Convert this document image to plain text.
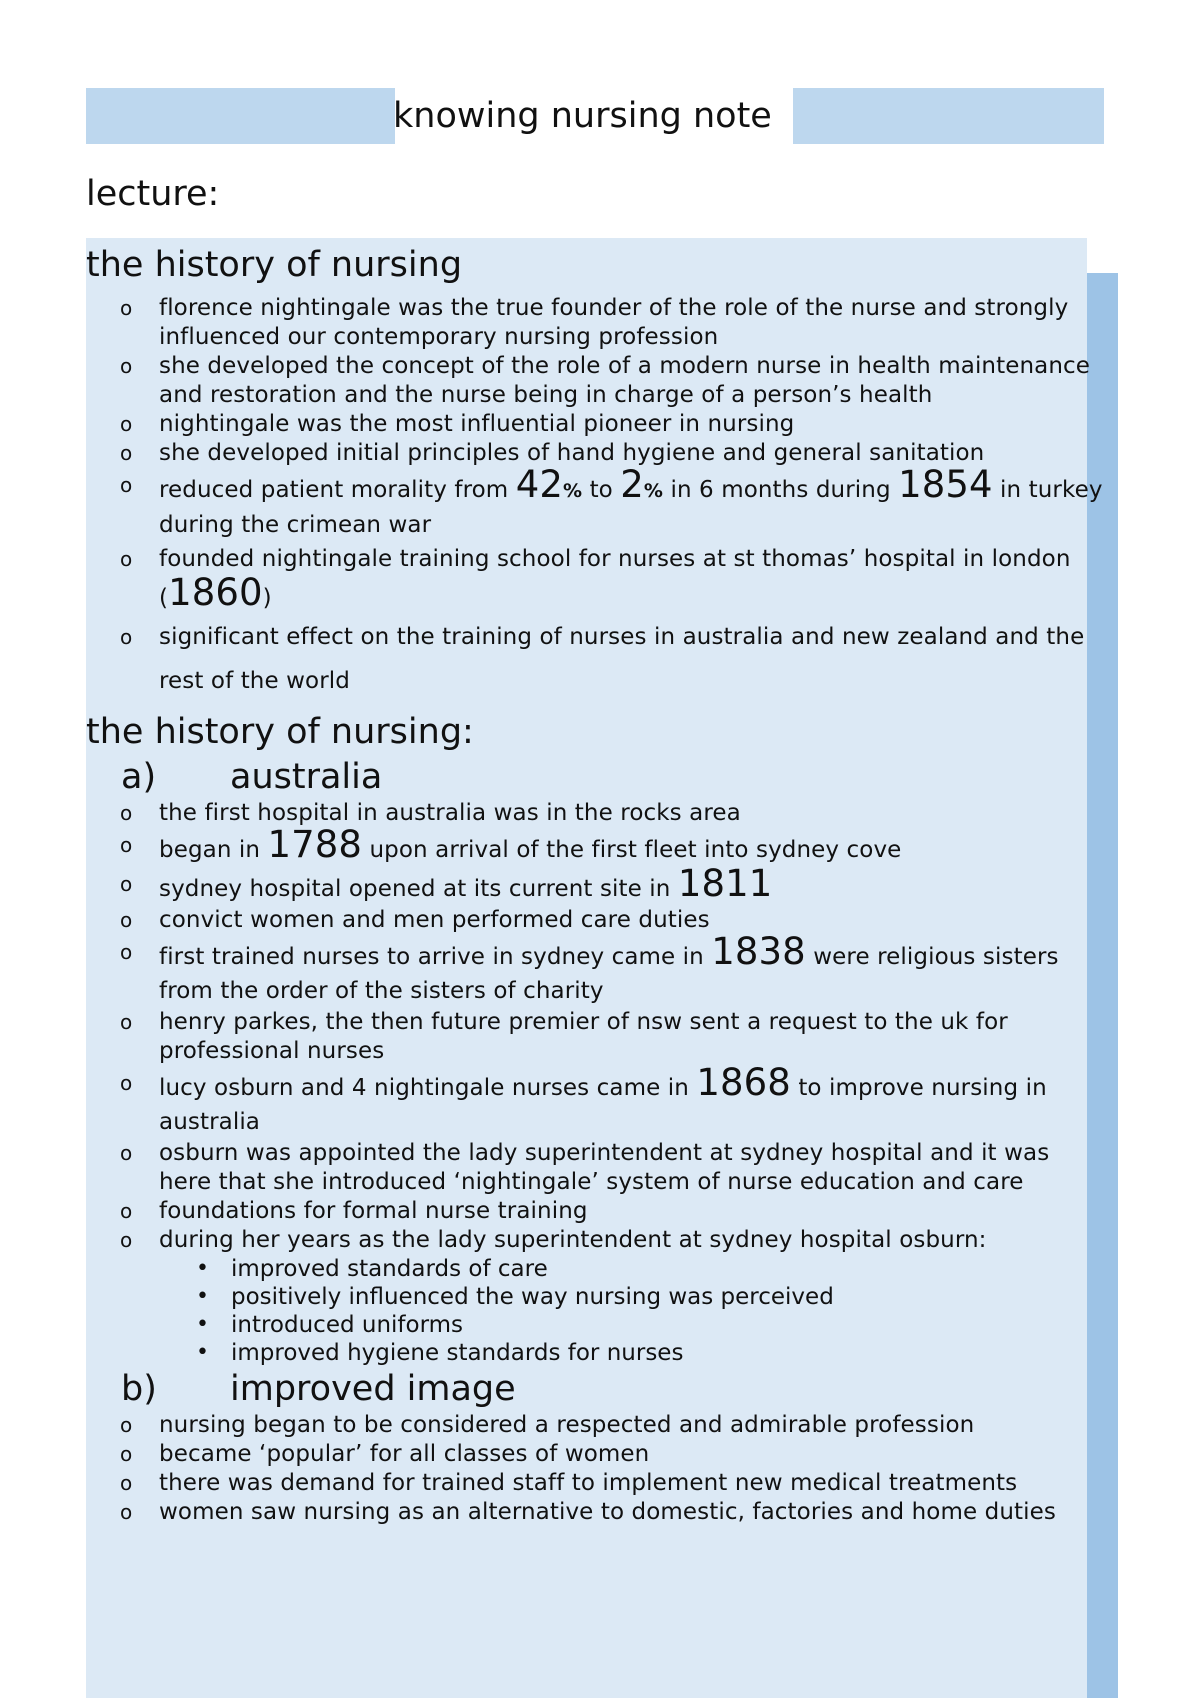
knowing nursing note
lecture:
the history of nursing
o florence nightingale was the true founder of the role of the nurse and strongly influenced our contemporary nursing profession
o she developed the concept of the role of a modern nurse in health maintenance and restoration and the nurse being in charge of a person’s health
o nightingale was the most influential pioneer in nursing
o she developed initial principles of hand hygiene and general sanitation
o reduced patient morality from 42% to 2% in 6 months during 1854 in turkey during the crimean war
o founded nightingale training school for nurses at st thomas’ hospital in london (1860)
o significant effect on the training of nurses in australia and new zealand and the rest of the world
the history of nursing:
a) australia
o the first hospital in australia was in the rocks area
o began in 1788 upon arrival of the first fleet into sydney cove
o sydney hospital opened at its current site in 1811
o convict women and men performed care duties
o first trained nurses to arrive in sydney came in 1838 were religious sisters from the order of the sisters of charity
o henry parkes, the then future premier of nsw sent a request to the uk for professional nurses
o lucy osburn and 4 nightingale nurses came in 1868 to improve nursing in australia
o osburn was appointed the lady superintendent at sydney hospital and it was here that she introduced ‘nightingale’ system of nurse education and care
o foundations for formal nurse training
o during her years as the lady superintendent at sydney hospital osburn:
• improved standards of care
• positively influenced the way nursing was perceived
• introduced uniforms
• improved hygiene standards for nurses
b) improved image
o nursing began to be considered a respected and admirable profession
o became ‘popular’ for all classes of women
o there was demand for trained staff to implement new medical treatments
o women saw nursing as an alternative to domestic, factories and home duties
